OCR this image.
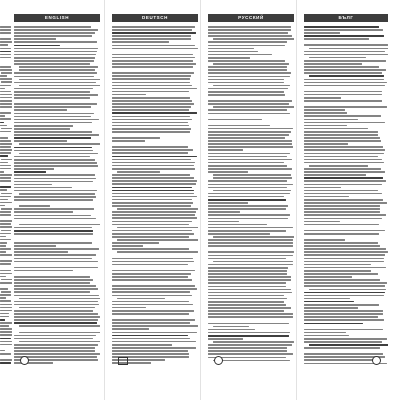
ENGLISH	DEUTSCH	РУССКИЙ	БЪЛГ
